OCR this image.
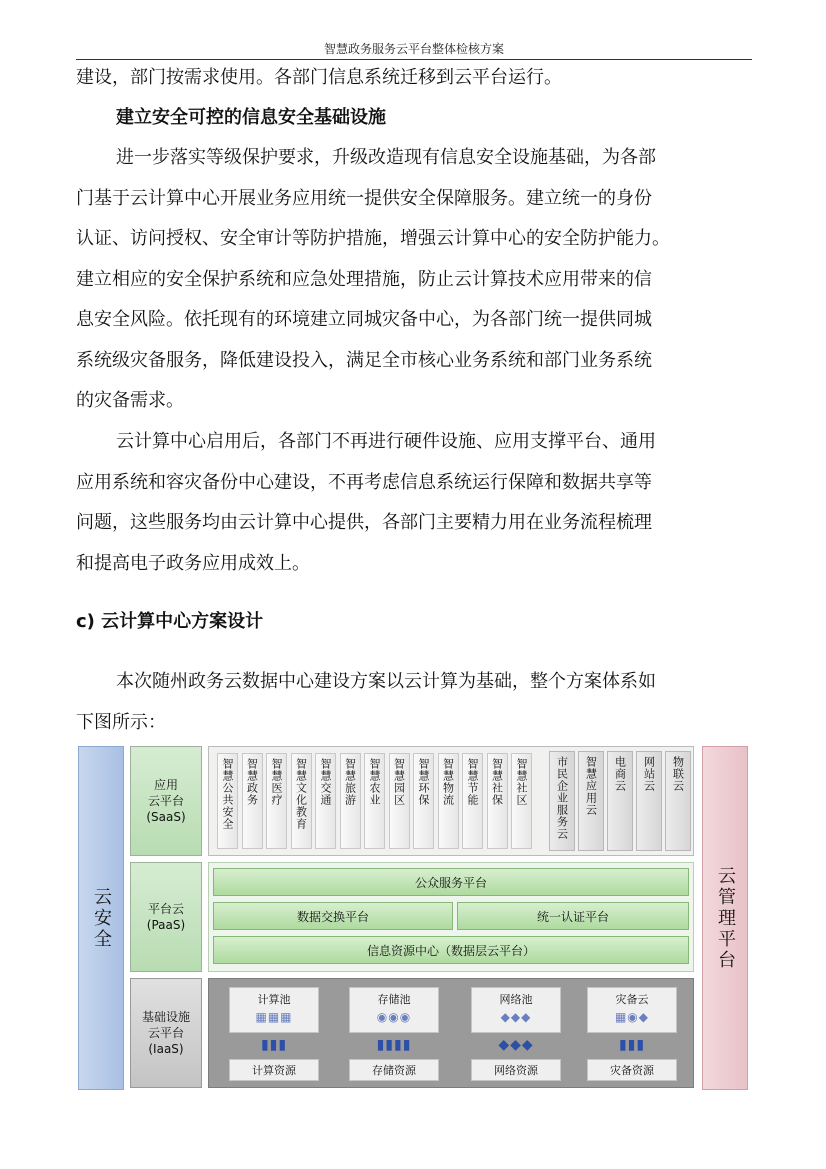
智慧政务服务云平台整体检核方案

建设，部门按需求使用。各部门信息系统迁移到云平台运行。

建立安全可控的信息安全基础设施

进一步落实等级保护要求，升级改造现有信息安全设施基础，为各部
门基于云计算中心开展业务应用统一提供安全保障服务。建立统一的身份
认证、访问授权、安全审计等防护措施，增强云计算中心的安全防护能力。
建立相应的安全保护系统和应急处理措施，防止云计算技术应用带来的信
息安全风险。依托现有的环境建立同城灾备中心，为各部门统一提供同城
系统级灾备服务，降低建设投入，满足全市核心业务系统和部门业务系统
的灾备需求。

云计算中心启用后，各部门不再进行硬件设施、应用支撑平台、通用
应用系统和容灾备份中心建设，不再考虑信息系统运行保障和数据共享等
问题，这些服务均由云计算中心提供，各部门主要精力用在业务流程梳理
和提高电子政务应用成效上。

c) 云计算中心方案设计

本次随州政务云数据中心建设方案以云计算为基础，整个方案体系如
下图所示：

云安全	云管理平台
应用
云平台
(SaaS)	智慧公共安全	智慧政务	智慧医疗	智慧文化教育	智慧交通	智慧旅游	智慧农业	智慧园区	智慧环保	智慧物流	智慧节能	智慧社保	智慧社区	市民企业服务云	智慧应用云	电商云	网站云	物联云
平台云
(PaaS)
公众服务平台
数据交换平台	统一认证平台
信息资源中心（数据层云平台）
基础设施
云平台
(IaaS)
计算池
▦▦▦
存储池
◉◉◉
网络池
◆◆◆
灾备云
▦◉◆
▮▮▮	▮▮▮▮	◆◆◆	▮▮▮
计算资源	存储资源	网络资源	灾备资源
